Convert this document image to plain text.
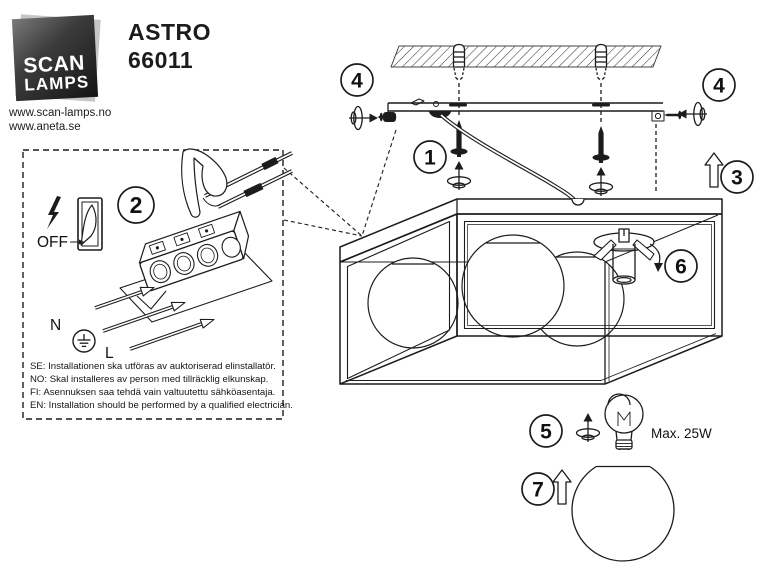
SCAN
LAMPS
ASTRO
66011
www.scan-lamps.no
www.aneta.se
SE: Installationen ska utföras av auktoriserad elinstallatör.
NO: Skal installeres av person med tillräcklig elkunskap.
FI: Asennuksen saa tehdä vain valtuutettu sähköasentaja.
EN: Installation should be performed by a qualified electrician.
OFF
N
L
Max. 25W
1
2
3
4	4
5
6
7
